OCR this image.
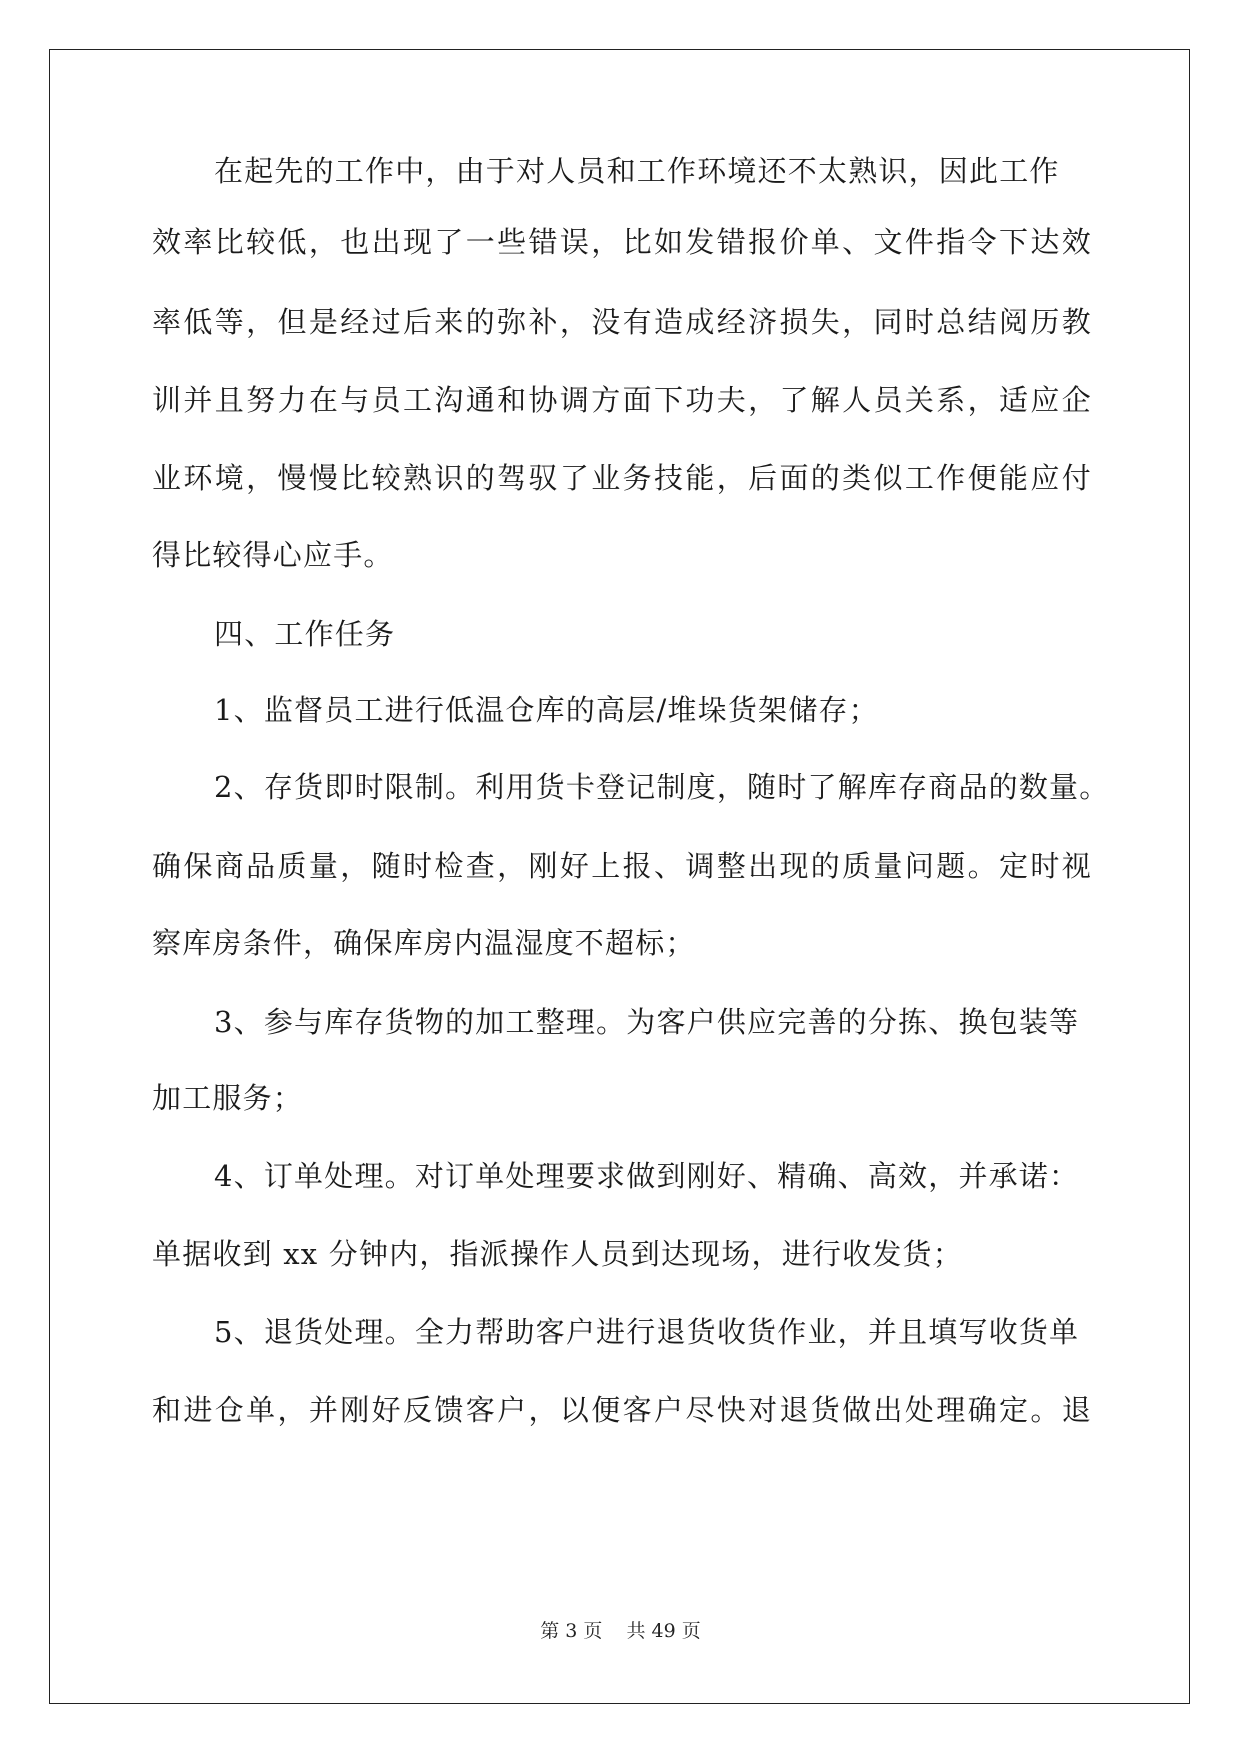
在起先的工作中，由于对人员和工作环境还不太熟识，因此工作
效率比较低，也出现了一些错误，比如发错报价单、文件指令下达效
率低等，但是经过后来的弥补，没有造成经济损失，同时总结阅历教
训并且努力在与员工沟通和协调方面下功夫，了解人员关系，适应企
业环境，慢慢比较熟识的驾驭了业务技能，后面的类似工作便能应付
得比较得心应手。
四、工作任务
1、监督员工进行低温仓库的高层/堆垛货架储存；
2、存货即时限制。利用货卡登记制度，随时了解库存商品的数量。
确保商品质量，随时检查，刚好上报、调整出现的质量问题。定时视
察库房条件，确保库房内温湿度不超标；
3、参与库存货物的加工整理。为客户供应完善的分拣、换包装等
加工服务；
4、订单处理。对订单处理要求做到刚好、精确、高效，并承诺：
单据收到 xx 分钟内，指派操作人员到达现场，进行收发货；
5、退货处理。全力帮助客户进行退货收货作业，并且填写收货单
和进仓单，并刚好反馈客户，以便客户尽快对退货做出处理确定。退
第 3 页 共 49 页
